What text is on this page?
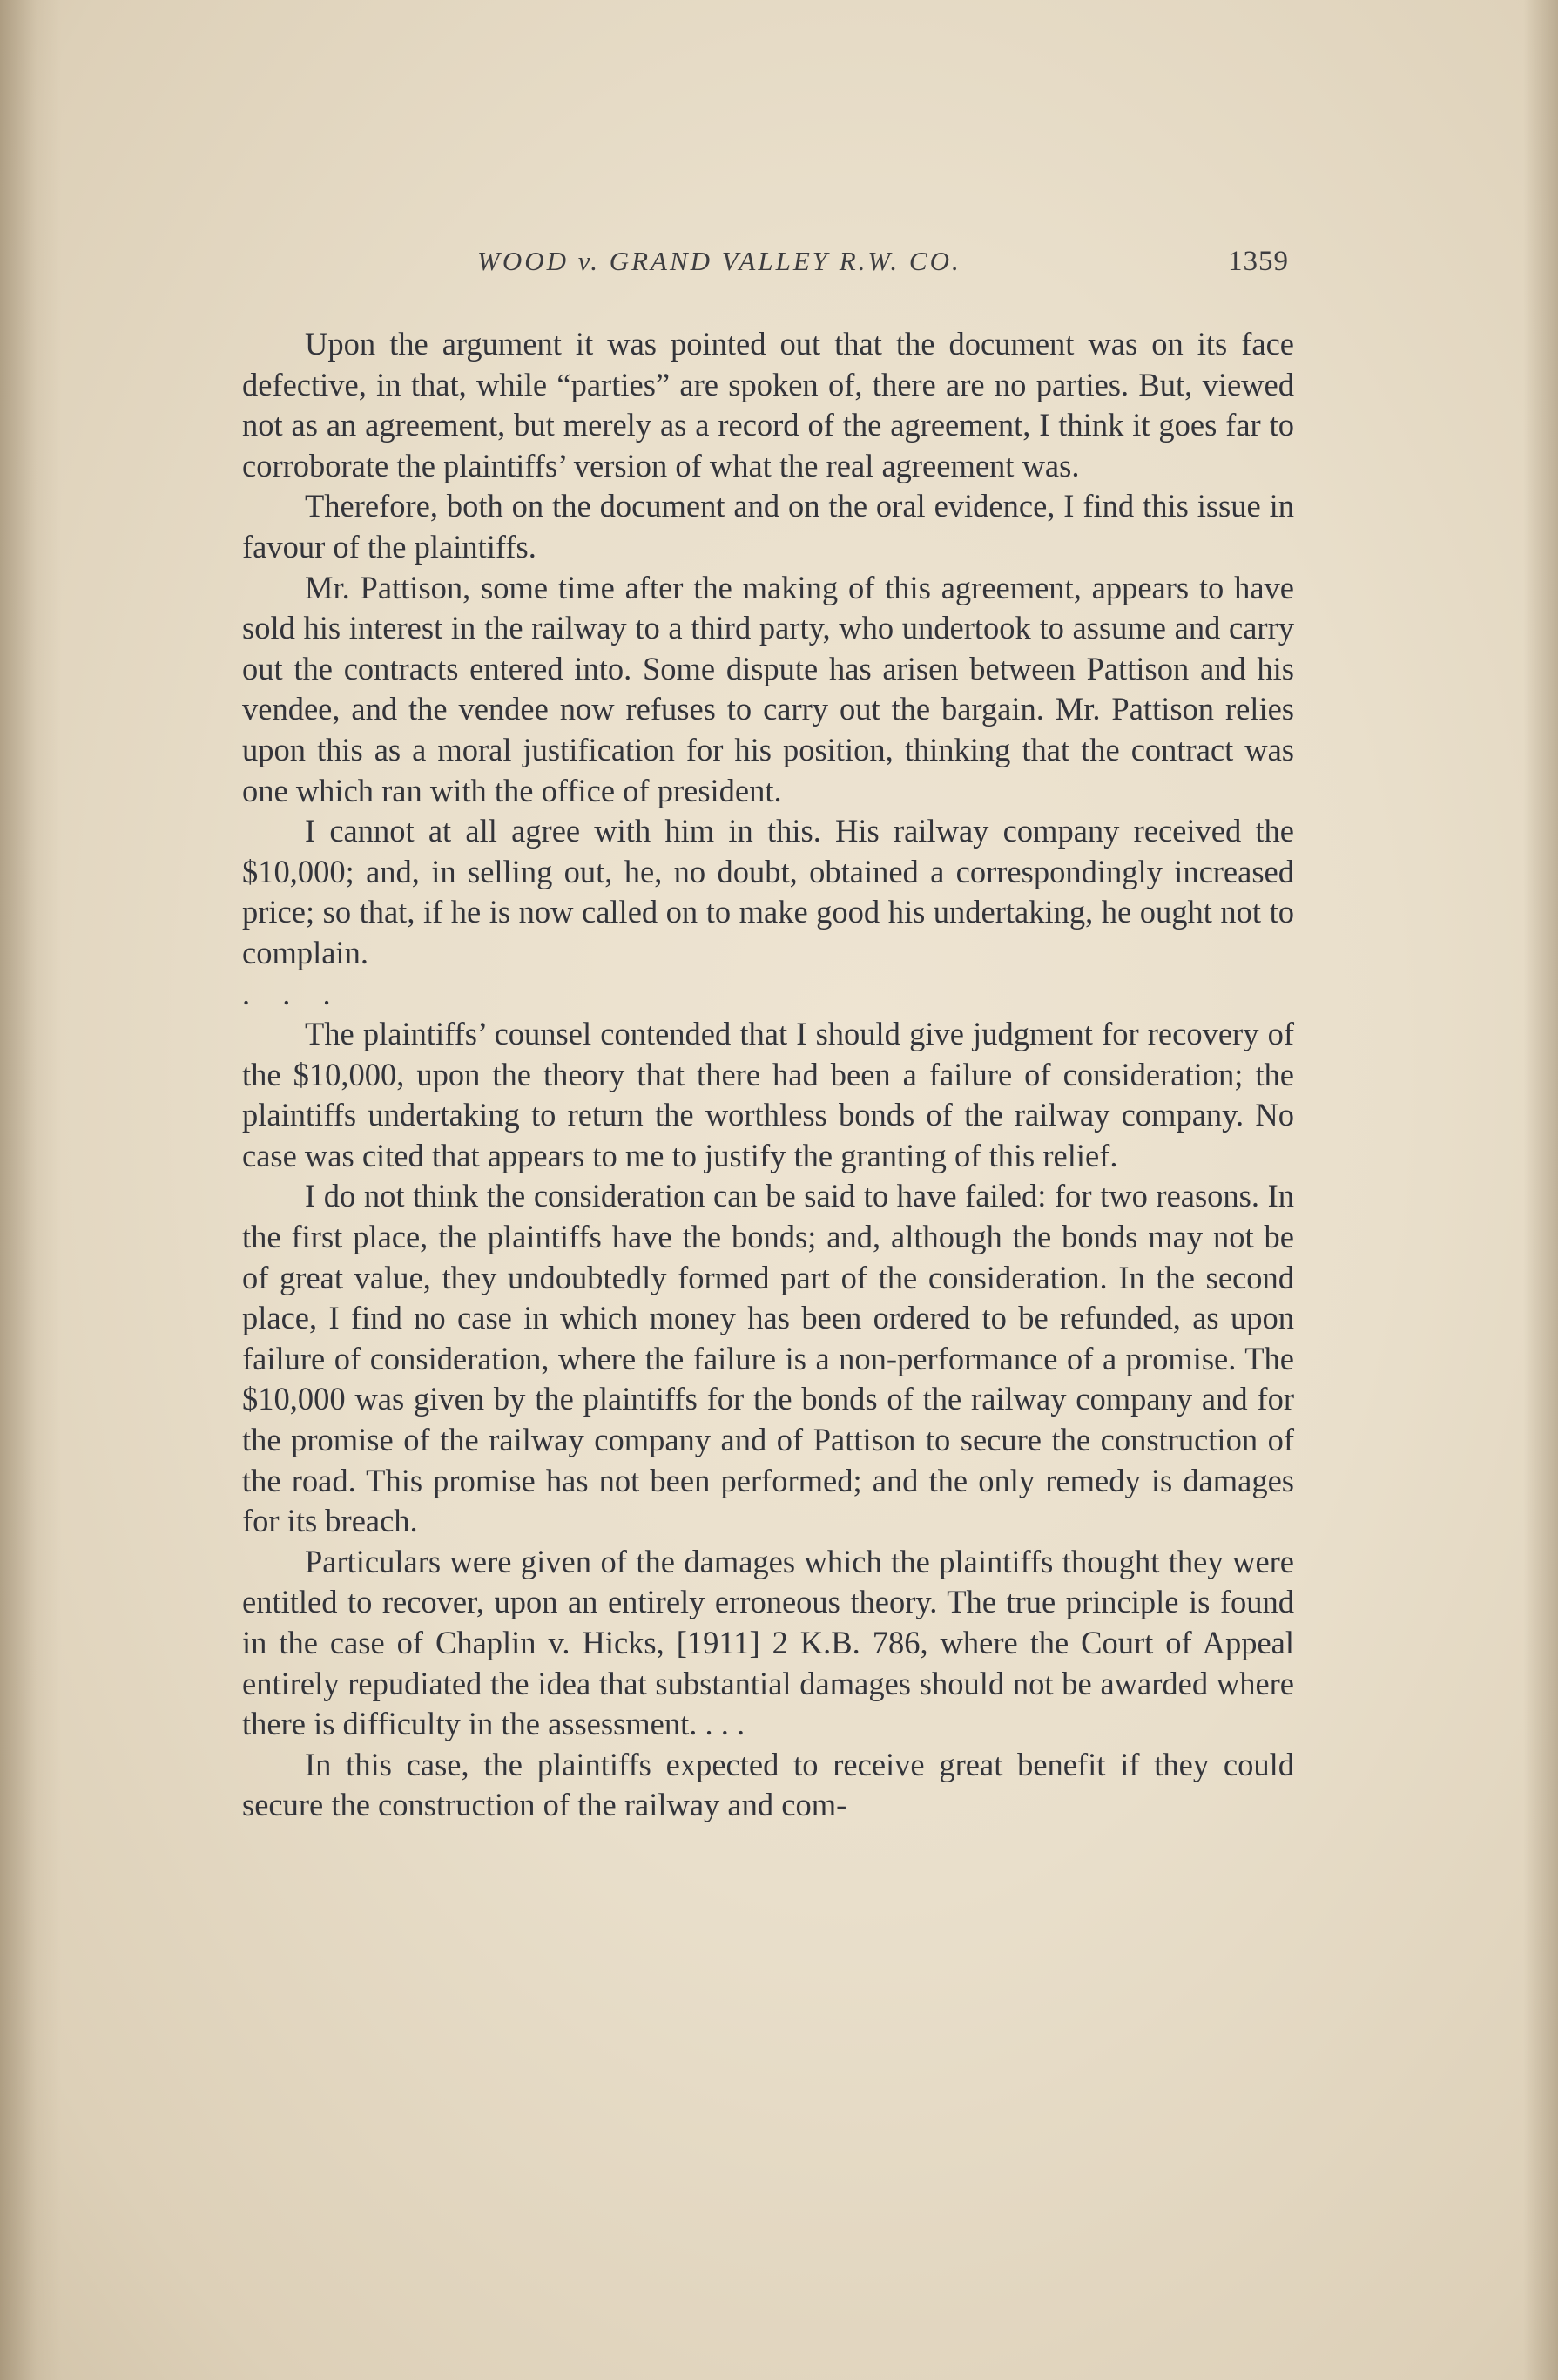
WOOD v. GRAND VALLEY R.W. CO.	1359

Upon the argument it was pointed out that the document was on its face defective, in that, while “parties” are spoken of, there are no parties. But, viewed not as an agreement, but merely as a record of the agreement, I think it goes far to corroborate the plaintiffs’ version of what the real agreement was.

Therefore, both on the document and on the oral evidence, I find this issue in favour of the plaintiffs.

Mr. Pattison, some time after the making of this agreement, appears to have sold his interest in the railway to a third party, who undertook to assume and carry out the contracts entered into. Some dispute has arisen between Pattison and his vendee, and the vendee now refuses to carry out the bargain. Mr. Pattison relies upon this as a moral justification for his position, thinking that the contract was one which ran with the office of president.

I cannot at all agree with him in this. His railway company received the $10,000; and, in selling out, he, no doubt, obtained a correspondingly increased price; so that, if he is now called on to make good his undertaking, he ought not to complain.

. . .

The plaintiffs’ counsel contended that I should give judgment for recovery of the $10,000, upon the theory that there had been a failure of consideration; the plaintiffs undertaking to return the worthless bonds of the railway company. No case was cited that appears to me to justify the granting of this relief.

I do not think the consideration can be said to have failed: for two reasons. In the first place, the plaintiffs have the bonds; and, although the bonds may not be of great value, they undoubtedly formed part of the consideration. In the second place, I find no case in which money has been ordered to be refunded, as upon failure of consideration, where the failure is a non-performance of a promise. The $10,000 was given by the plaintiffs for the bonds of the railway company and for the promise of the railway company and of Pattison to secure the construction of the road. This promise has not been performed; and the only remedy is damages for its breach.

Particulars were given of the damages which the plaintiffs thought they were entitled to recover, upon an entirely erroneous theory. The true principle is found in the case of Chaplin v. Hicks, [1911] 2 K.B. 786, where the Court of Appeal entirely repudiated the idea that substantial damages should not be awarded where there is difficulty in the assessment. . . .

In this case, the plaintiffs expected to receive great benefit if they could secure the construction of the railway and com-
